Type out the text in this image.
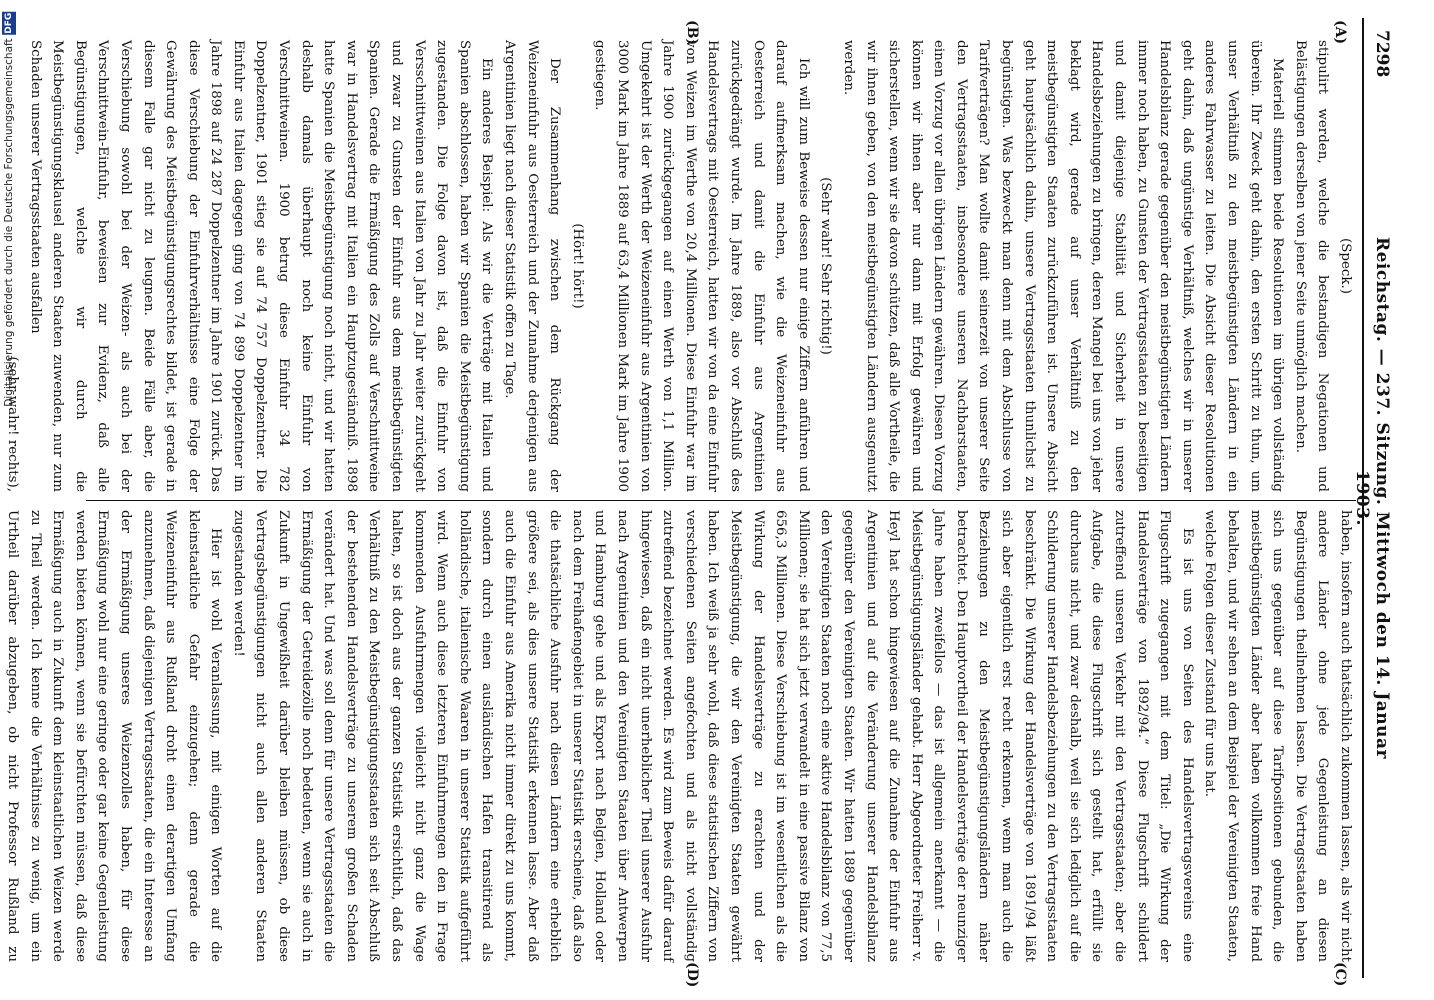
7298
Reichstag. — 237. Sitzung. Mittwoch den 14. Januar 1903.
(A)
(B)
(C)
(D)

(Speck.)

stipulirt werden, welche die bestandigen Negationen und Belästigungen derselben von jener Seite unmöglich machen.

Materiell stimmen beide Resolutionen im übrigen vollständig überein. Ihr Zweck geht dahin, den ersten Schritt zu thun, um unser Verhältniß zu den meistbegünstigten Ländern in ein anderes Fahrwasser zu leiten. Die Absicht dieser Resolutionen geht dahin, daß ungünstige Verhältniß, welches wir in unserer Handelsbilanz gerade gegenüber den meistbegünstigten Ländern immer noch haben, zu Gunsten der Vertragsstaaten zu beseitigen und damit diejenige Stabilität und Sicherheit in unsere Handelsbeziehungen zu bringen, deren Mangel bei uns von jeher beklagt wird, gerade auf unser Verhältniß zu den meistbegünstigten Staaten zurückzuführen ist. Unsere Absicht geht hauptsächlich dahin, unsere Vertragsstaaten thunlichst zu begünstigen. Was bezweckt man denn mit dem Abschlusse von Tarifverträgen? Man wollte damit seinerzeit von unserer Seite den Vertragsstaaten, insbesondere unseren Nachbarstaaten, einen Vorzug vor allen übrigen Ländern gewähren. Diesen Vorzug können wir ihnen aber nur dann mit Erfolg gewähren und sicherstellen, wenn wir sie davon schützen, daß alle Vortheile, die wir ihnen geben, von den meistbegünstigten Ländern ausgenutzt werden.

(Sehr wahr! Sehr richtig!)

Ich will zum Beweise dessen nur einige Ziffern anführen und darauf aufmerksam machen, wie die Weizeneinfuhr aus Oesterreich und damit die Einfuhr aus Argentinien zurückgedrängt wurde. Im Jahre 1889, also vor Abschluß des Handelsvertrags mit Oesterreich, hatten wir von da eine Einfuhr von Weizen im Werthe von 20,4 Millionen. Diese Einfuhr war im Jahre 1900 zurückgegangen auf einen Werth von 1,1 Million. Umgekehrt ist der Werth der Weizeneinfuhr aus Argentinien von 3000 Mark im Jahre 1889 auf 63,4 Millionen Mark im Jahre 1900 gestiegen.

(Hört! hört!)

Der Zusammenhang zwischen dem Rückgang der Weizeneinfuhr aus Oesterreich und der Zunahme derjenigen aus Argentinien liegt nach dieser Statistik offen zu Tage.

Ein anderes Beispiel: Als wir die Verträge mit Italien und Spanien abschlossen, haben wir Spanien die Meistbegünstigung zugestanden. Die Folge davon ist, daß die Einfuhr von Versschnittweinen aus Italien von Jahr zu Jahr weiter zurückgeht und zwar zu Gunsten der Einfuhr aus dem meistbegünstigten Spanien. Gerade die Ermäßigung des Zolls auf Verschnittweine war in Handelsvertrag mit Italien ein Hauptzugeständniß. 1898 hatte Spanien die Meistbegünstigung noch nicht, und wir hatten deshalb damals überhaupt noch keine Einfuhr von Verschnittweinen. 1900 betrug diese Einfuhr 34 782 Doppelzentner, 1901 stieg sie auf 74 757 Doppelzentner. Die Einfuhr aus Italien dagegen ging von 74 899 Doppelzentner im Jahre 1898 auf 24 287 Doppelzentner im Jahre 1901 zurück. Das diese Verschiebung der Einfuhrverhältnisse eine Folge der Gewährung des Meistbegünstigungsrechtes bildet, ist gerade in diesem Falle gar nicht zu leugnen. Beide Fälle aber, die Verschiebung sowohl bei der Weizen- als auch bei der Verschnittwein-Einfuhr, beweisen zur Evidenz, daß alle Begünstigungen, welche wir durch die Meistbegünstigungsklausel anderen Staaten zuwenden, nur zum Schaden unserer Vertragsstaaten ausfallen

(sehr wahr! rechts),

haben, insofern auch thatsächlich zukommen lassen, als wir nicht andere Länder ohne jede Gegenleistung an diesen Begünstigungen theilnehmen lassen. Die Vertragsstaaten haben sich uns gegenüber auf diese Tarifpositionen gebunden, die meistbegünstigten Länder aber haben vollkommen freie Hand behalten, und wir sehen an dem Beispiel der Vereinigten Staaten, welche Folgen dieser Zustand für uns hat.

Es ist uns von Seiten des Handelsvertragsvereins eine Flugschrift zugegangen mit dem Titel: „Die Wirkung der Handelsverträge von 1892/94.“ Diese Flugschrift schildert zutreffend unseren Verkehr mit den Vertragsstaaten; aber die Aufgabe, die diese Flugschrift sich gestellt hat, erfüllt sie durchaus nicht, und zwar deshalb, weil sie sich lediglich auf die Schilderung unserer Handelsbeziehungen zu den Vertragsstaaten beschränkt. Die Wirkung der Handelsverträge von 1891/94 läßt sich aber eigentlich erst recht erkennen, wenn man auch die Beziehungen zu den Meistbegünstigungsländern näher betrachtet. Den Hauptvortheil der Handelsverträge der neunziger Jahre haben zweifellos — das ist allgemein anerkannt — die Meistbegünstigungsländer gehabt. Herr Abgeordneter Freiherr v. Heyl hat schon hingewiesen auf die Zunahme der Einfuhr aus Argentinien und auf die Veränderung unserer Handelsbilanz gegenüber den Vereinigten Staaten. Wir hatten 1889 gegenüber den Vereinigten Staaten noch eine aktive Handelsbilanz von 77,5 Millionen; sie hat sich jetzt verwandelt in eine passive Bilanz von 656,3 Millionen. Diese Verschiebung ist im wesentlichen als die Wirkung der Handelsverträge zu erachten und der Meistbegünstigung, die wir den Vereinigten Staaten gewährt haben. Ich weiß ja sehr wohl, daß diese statistischen Ziffern von verschiedenen Seiten angefochten und als nicht vollständig zutreffend bezeichnet werden. Es wird zum Beweis dafür darauf hingewiesen, daß ein nicht unerheblicher Theil unserer Ausfuhr nach Argentinien und den Vereinigten Staaten über Antwerpen und Hamburg gehe und als Export nach Belgien, Holland oder nach dem Freihafengebiet in unserer Statistik erscheine, daß also die thatsächliche Ausfuhr nach diesen Ländern eine erheblich größere sei, als dies unsere Statistik erkennen lasse. Aber daß auch die Einfuhr aus Amerika nicht immer direkt zu uns kommt, sondern durch einen ausländischen Hafen transitirend als holländische, italienische Waaren in unserer Statistik aufgeführt wird. Wenn auch diese letzteren Einfuhrmengen den in Frage kommenden Ausfuhrmengen vielleicht nicht ganz die Wage halten, so ist doch aus der ganzen Statistik ersichtlich, daß das Verhältniß zu den Meistbegünstigungsstaaten sich seit Abschluß der bestehenden Handelsverträge zu unserem großen Schaden verändert hat. Und was soll denn für unsere Vertragsstaaten die Ermäßigung der Getreidezölle noch bedeuten, wenn sie auch in Zukunft in Ungewißheit darüber bleiben müssen, ob diese Vertragsbegünstigungen nicht auch allen anderen Staaten zugestanden werden!

Hier ist wohl Veranlassung, mit einigen Worten auf die kleinstaatliche Gefahr einzugehen; denn gerade die Weizeneinfuhr aus Rußland droht einen derartigen Umfang anzunehmen, daß diejenigen Vertragsstaaten, die ein Interesse an der Ermäßigung unseres Weizenzolles haben, für diese Ermäßigung wohl nur eine geringe oder gar keine Gegenleistung werden bieten können, wenn sie befürchten müssen, daß diese Ermäßigung auch in Zukunft dem kleinstaatlichen Weizen werde zu Theil werden. Ich kenne die Verhältnisse zu wenig, um ein Urtheil darüber abzugeben, ob nicht Professor Rußland zu

Digitalisierung gefördert durch die Deutsche Forschungsgemeinschaft DFG
